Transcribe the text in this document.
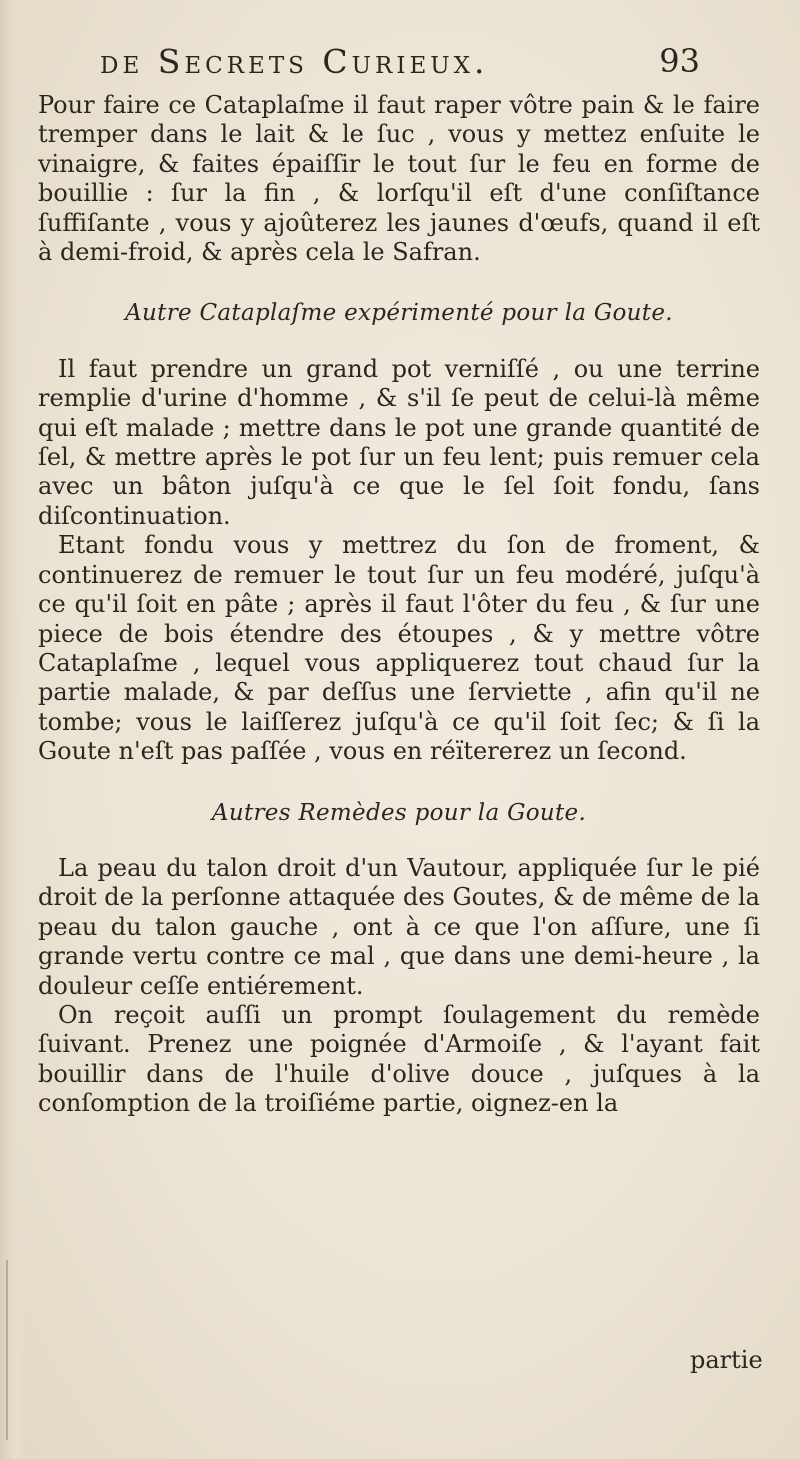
de Secrets Curieux.	93

Pour faire ce Cataplaſme il faut raper vôtre pain & le faire tremper dans le lait & le ſuc , vous y mettez enſuite le vinaigre, & faites épaiſſir le tout ſur le feu en forme de bouillie : ſur la fin , & lorſqu'il eſt d'une conſiſtance ſuffiſante , vous y ajoûterez les jaunes d'œufs, quand il eſt à demi-froid, & après cela le Safran.

Autre Cataplaſme expérimenté pour la Goute.

Il faut prendre un grand pot verniſſé , ou une terrine remplie d'urine d'homme , & s'il ſe peut de celui-là même qui eſt malade ; mettre dans le pot une grande quantité de ſel, & mettre après le pot ſur un feu lent; puis remuer cela avec un bâton juſqu'à ce que le ſel ſoit fondu, ſans diſcontinuation.

Etant fondu vous y mettrez du ſon de froment, & continuerez de remuer le tout ſur un feu modéré, juſqu'à ce qu'il ſoit en pâte ; après il faut l'ôter du feu , & ſur une piece de bois étendre des étoupes , & y mettre vôtre Cataplaſme , lequel vous appliquerez tout chaud ſur la partie malade, & par deſſus une ſerviette , afin qu'il ne tombe; vous le laiſſerez juſqu'à ce qu'il ſoit ſec; & ſi la Goute n'eſt pas paſſée , vous en réïtererez un ſecond.

Autres Remèdes pour la Goute.

La peau du talon droit d'un Vautour, appliquée ſur le pié droit de la perſonne attaquée des Goutes, & de même de la peau du talon gauche , ont à ce que l'on aſſure, une ſi grande vertu contre ce mal , que dans une demi-heure , la douleur ceſſe entiérement.

On reçoit auſſi un prompt ſoulagement du remède ſuivant. Prenez une poignée d'Armoiſe , & l'ayant fait bouillir dans de l'huile d'olive douce , juſques à la conſomption de la troiſiéme partie, oignez-en la

partie
